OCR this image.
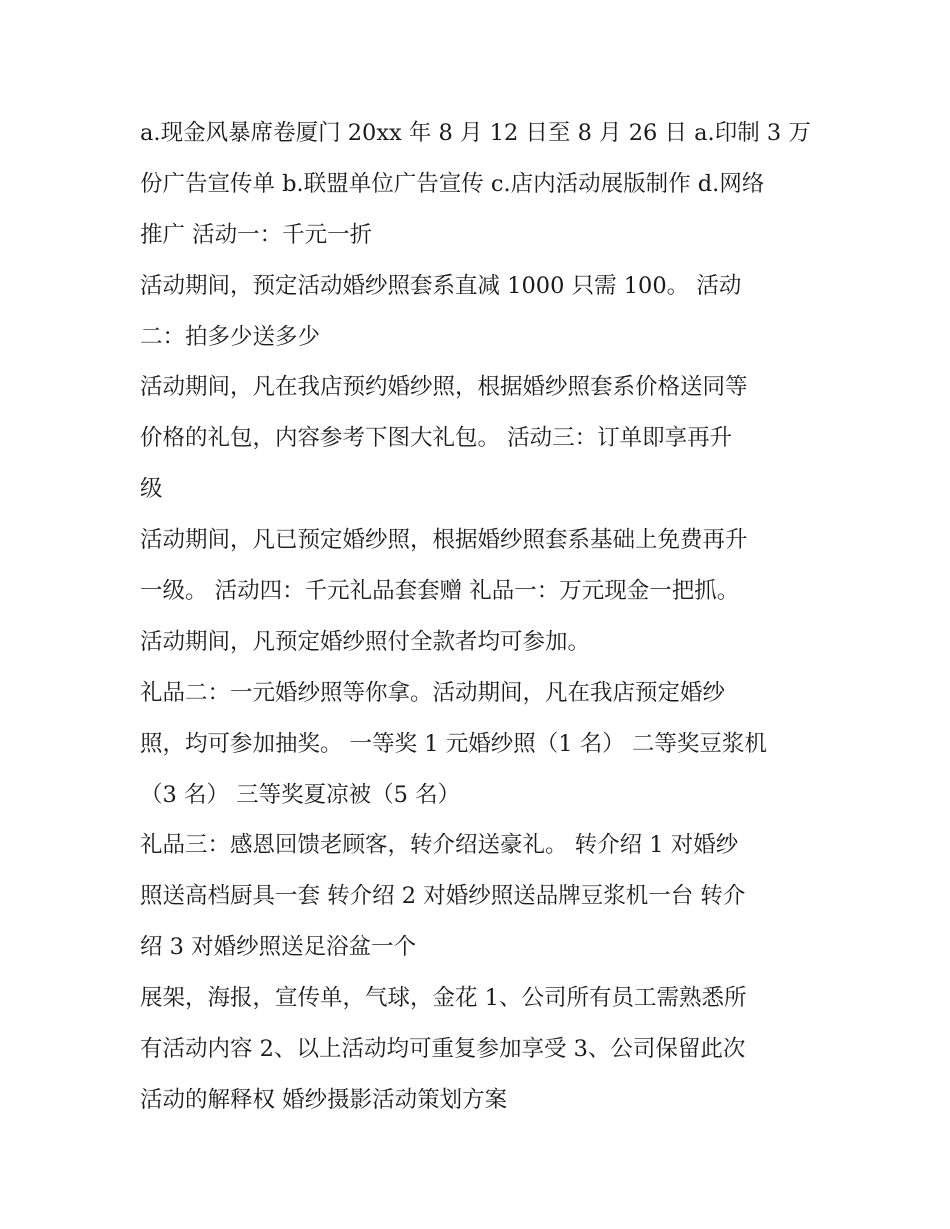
a.现金风暴席卷厦门 20xx 年 8 月 12 日至 8 月 26 日 a.印制 3 万
份广告宣传单 b.联盟单位广告宣传 c.店内活动展版制作 d.网络
推广 活动一：千元一折
活动期间，预定活动婚纱照套系直减 1000 只需 100。 活动
二：拍多少送多少
活动期间，凡在我店预约婚纱照，根据婚纱照套系价格送同等
价格的礼包，内容参考下图大礼包。 活动三：订单即享再升
级
活动期间，凡已预定婚纱照，根据婚纱照套系基础上免费再升
一级。 活动四：千元礼品套套赠 礼品一：万元现金一把抓。
活动期间，凡预定婚纱照付全款者均可参加。
礼品二：一元婚纱照等你拿。活动期间，凡在我店预定婚纱
照，均可参加抽奖。 一等奖 1 元婚纱照（1 名） 二等奖豆浆机
（3 名） 三等奖夏凉被（5 名）
礼品三：感恩回馈老顾客，转介绍送豪礼。 转介绍 1 对婚纱
照送高档厨具一套 转介绍 2 对婚纱照送品牌豆浆机一台 转介
绍 3 对婚纱照送足浴盆一个
展架，海报，宣传单，气球，金花 1、公司所有员工需熟悉所
有活动内容 2、以上活动均可重复参加享受 3、公司保留此次
活动的解释权 婚纱摄影活动策划方案
